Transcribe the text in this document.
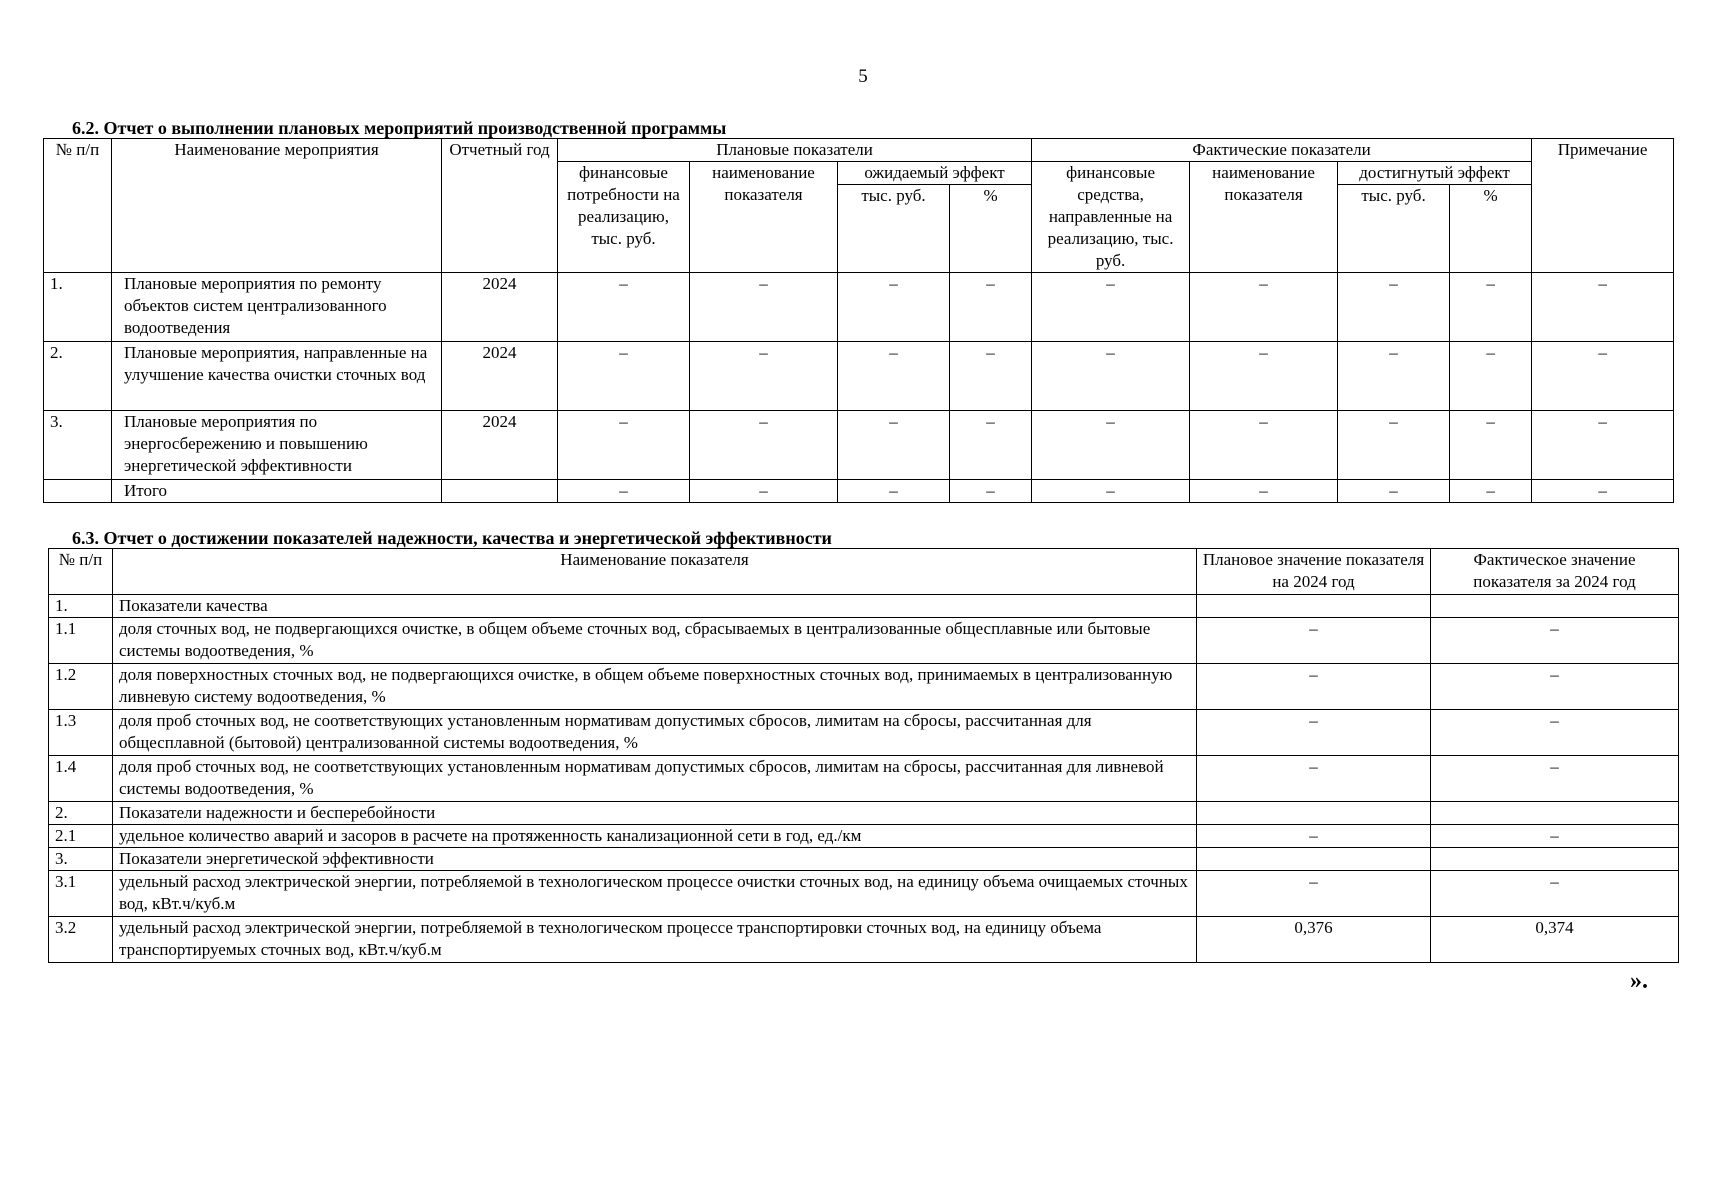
5
6.2. Отчет о выполнении плановых мероприятий производственной программы
№ п/п	Наименование мероприятия	Отчетный год	Плановые показатели				Фактические показатели				Примечание
			финансовые потребности на реализацию, тыс. руб.	наименование показателя	ожидаемый эффект		финансовые средства, направленные на реализацию, тыс. руб.	наименование показателя	достигнутый эффект		
					тыс. руб.	%			тыс. руб.	%	
1.	Плановые мероприятия по ремонту объектов систем централизованного водоотведения	2024	–	–	–	–	–	–	–	–	–
2.	Плановые мероприятия, направленные на улучшение качества очистки сточных вод	2024	–	–	–	–	–	–	–	–	–
3.	Плановые мероприятия по энергосбережению и повышению энергетической эффективности	2024	–	–	–	–	–	–	–	–	–
	Итого		–	–	–	–	–	–	–	–	–
6.3. Отчет о достижении показателей надежности, качества и энергетической эффективности
№ п/п	Наименование показателя	Плановое значение показателя на 2024 год	Фактическое значение показателя за 2024 год
1.	Показатели качества		
1.1	доля сточных вод, не подвергающихся очистке, в общем объеме сточных вод, сбрасываемых в централизованные общесплавные или бытовые системы водоотведения, %	–	–
1.2	доля поверхностных сточных вод, не подвергающихся очистке, в общем объеме поверхностных сточных вод, принимаемых в централизованную ливневую систему водоотведения, %	–	–
1.3	доля проб сточных вод, не соответствующих установленным нормативам допустимых сбросов, лимитам на сбросы, рассчитанная для общесплавной (бытовой) централизованной системы водоотведения, %	–	–
1.4	доля проб сточных вод, не соответствующих установленным нормативам допустимых сбросов, лимитам на сбросы, рассчитанная для ливневой системы водоотведения, %	–	–
2.	Показатели надежности и бесперебойности		
2.1	удельное количество аварий и засоров в расчете на протяженность канализационной сети в год, ед./км	–	–
3.	Показатели энергетической эффективности		
3.1	удельный расход электрической энергии, потребляемой в технологическом процессе очистки сточных вод, на единицу объема очищаемых сточных вод, кВт.ч/куб.м	–	–
3.2	удельный расход электрической энергии, потребляемой в технологическом процессе транспортировки сточных вод, на единицу объема транспортируемых сточных вод, кВт.ч/куб.м	0,376	0,374
».
